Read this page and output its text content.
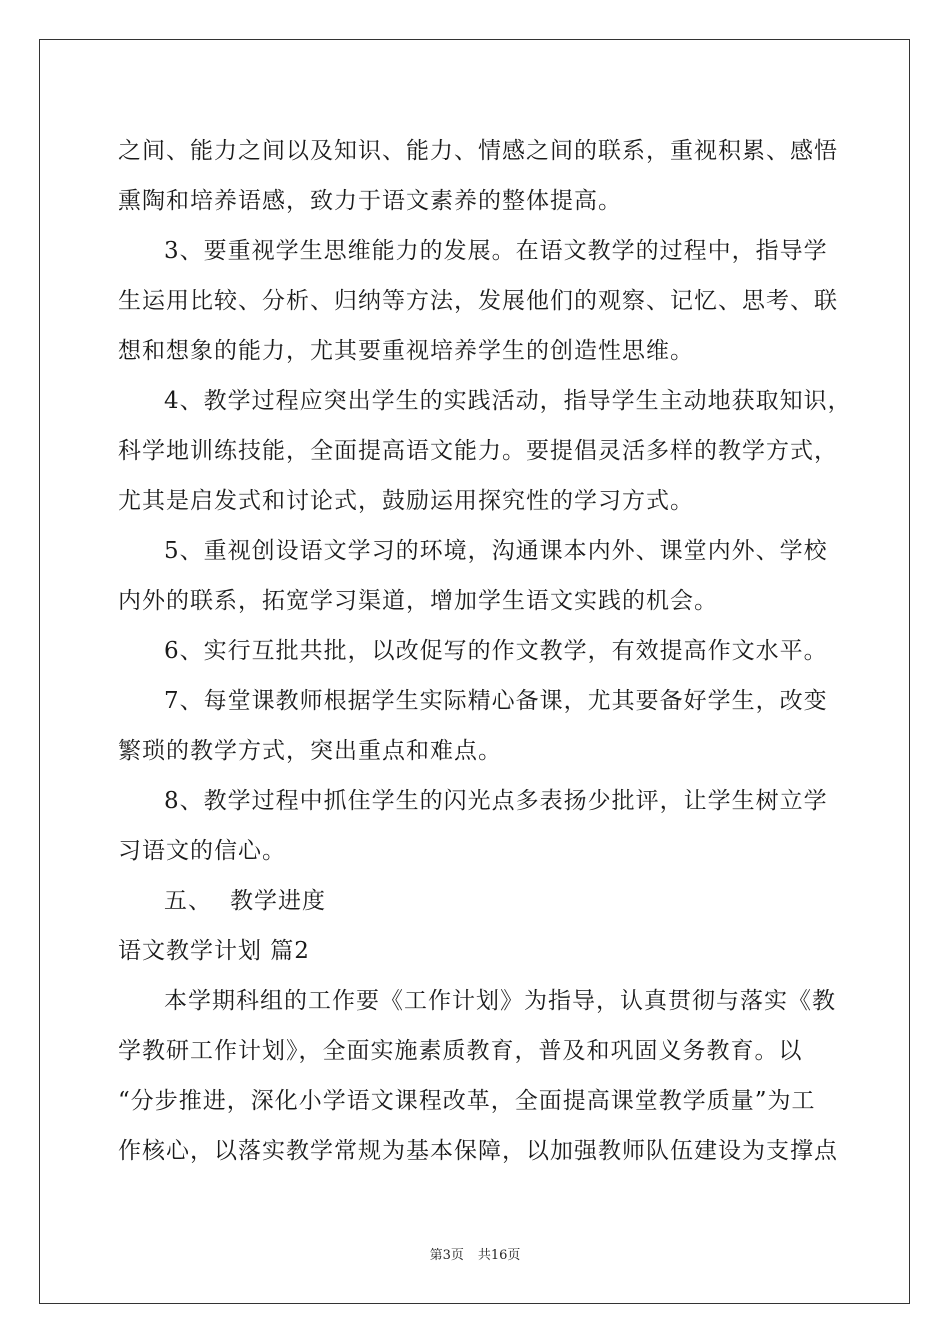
之间、能力之间以及知识、能力、情感之间的联系，重视积累、感悟
熏陶和培养语感，致力于语文素养的整体提高。
3、要重视学生思维能力的发展。在语文教学的过程中，指导学
生运用比较、分析、归纳等方法，发展他们的观察、记忆、思考、联
想和想象的能力，尤其要重视培养学生的创造性思维。
4、教学过程应突出学生的实践活动，指导学生主动地获取知识，
科学地训练技能，全面提高语文能力。要提倡灵活多样的教学方式，
尤其是启发式和讨论式，鼓励运用探究性的学习方式。
5、重视创设语文学习的环境，沟通课本内外、课堂内外、学校
内外的联系，拓宽学习渠道，增加学生语文实践的机会。
6、实行互批共批，以改促写的作文教学，有效提高作文水平。
7、每堂课教师根据学生实际精心备课，尤其要备好学生，改变
繁琐的教学方式，突出重点和难点。
8、教学过程中抓住学生的闪光点多表扬少批评，让学生树立学
习语文的信心。
五、 教学进度
语文教学计划 篇2
本学期科组的工作要《工作计划》为指导，认真贯彻与落实《教
学教研工作计划》，全面实施素质教育，普及和巩固义务教育。以
“分步推进，深化小学语文课程改革，全面提高课堂教学质量”为工
作核心，以落实教学常规为基本保障，以加强教师队伍建设为支撑点
第3页 共16页
